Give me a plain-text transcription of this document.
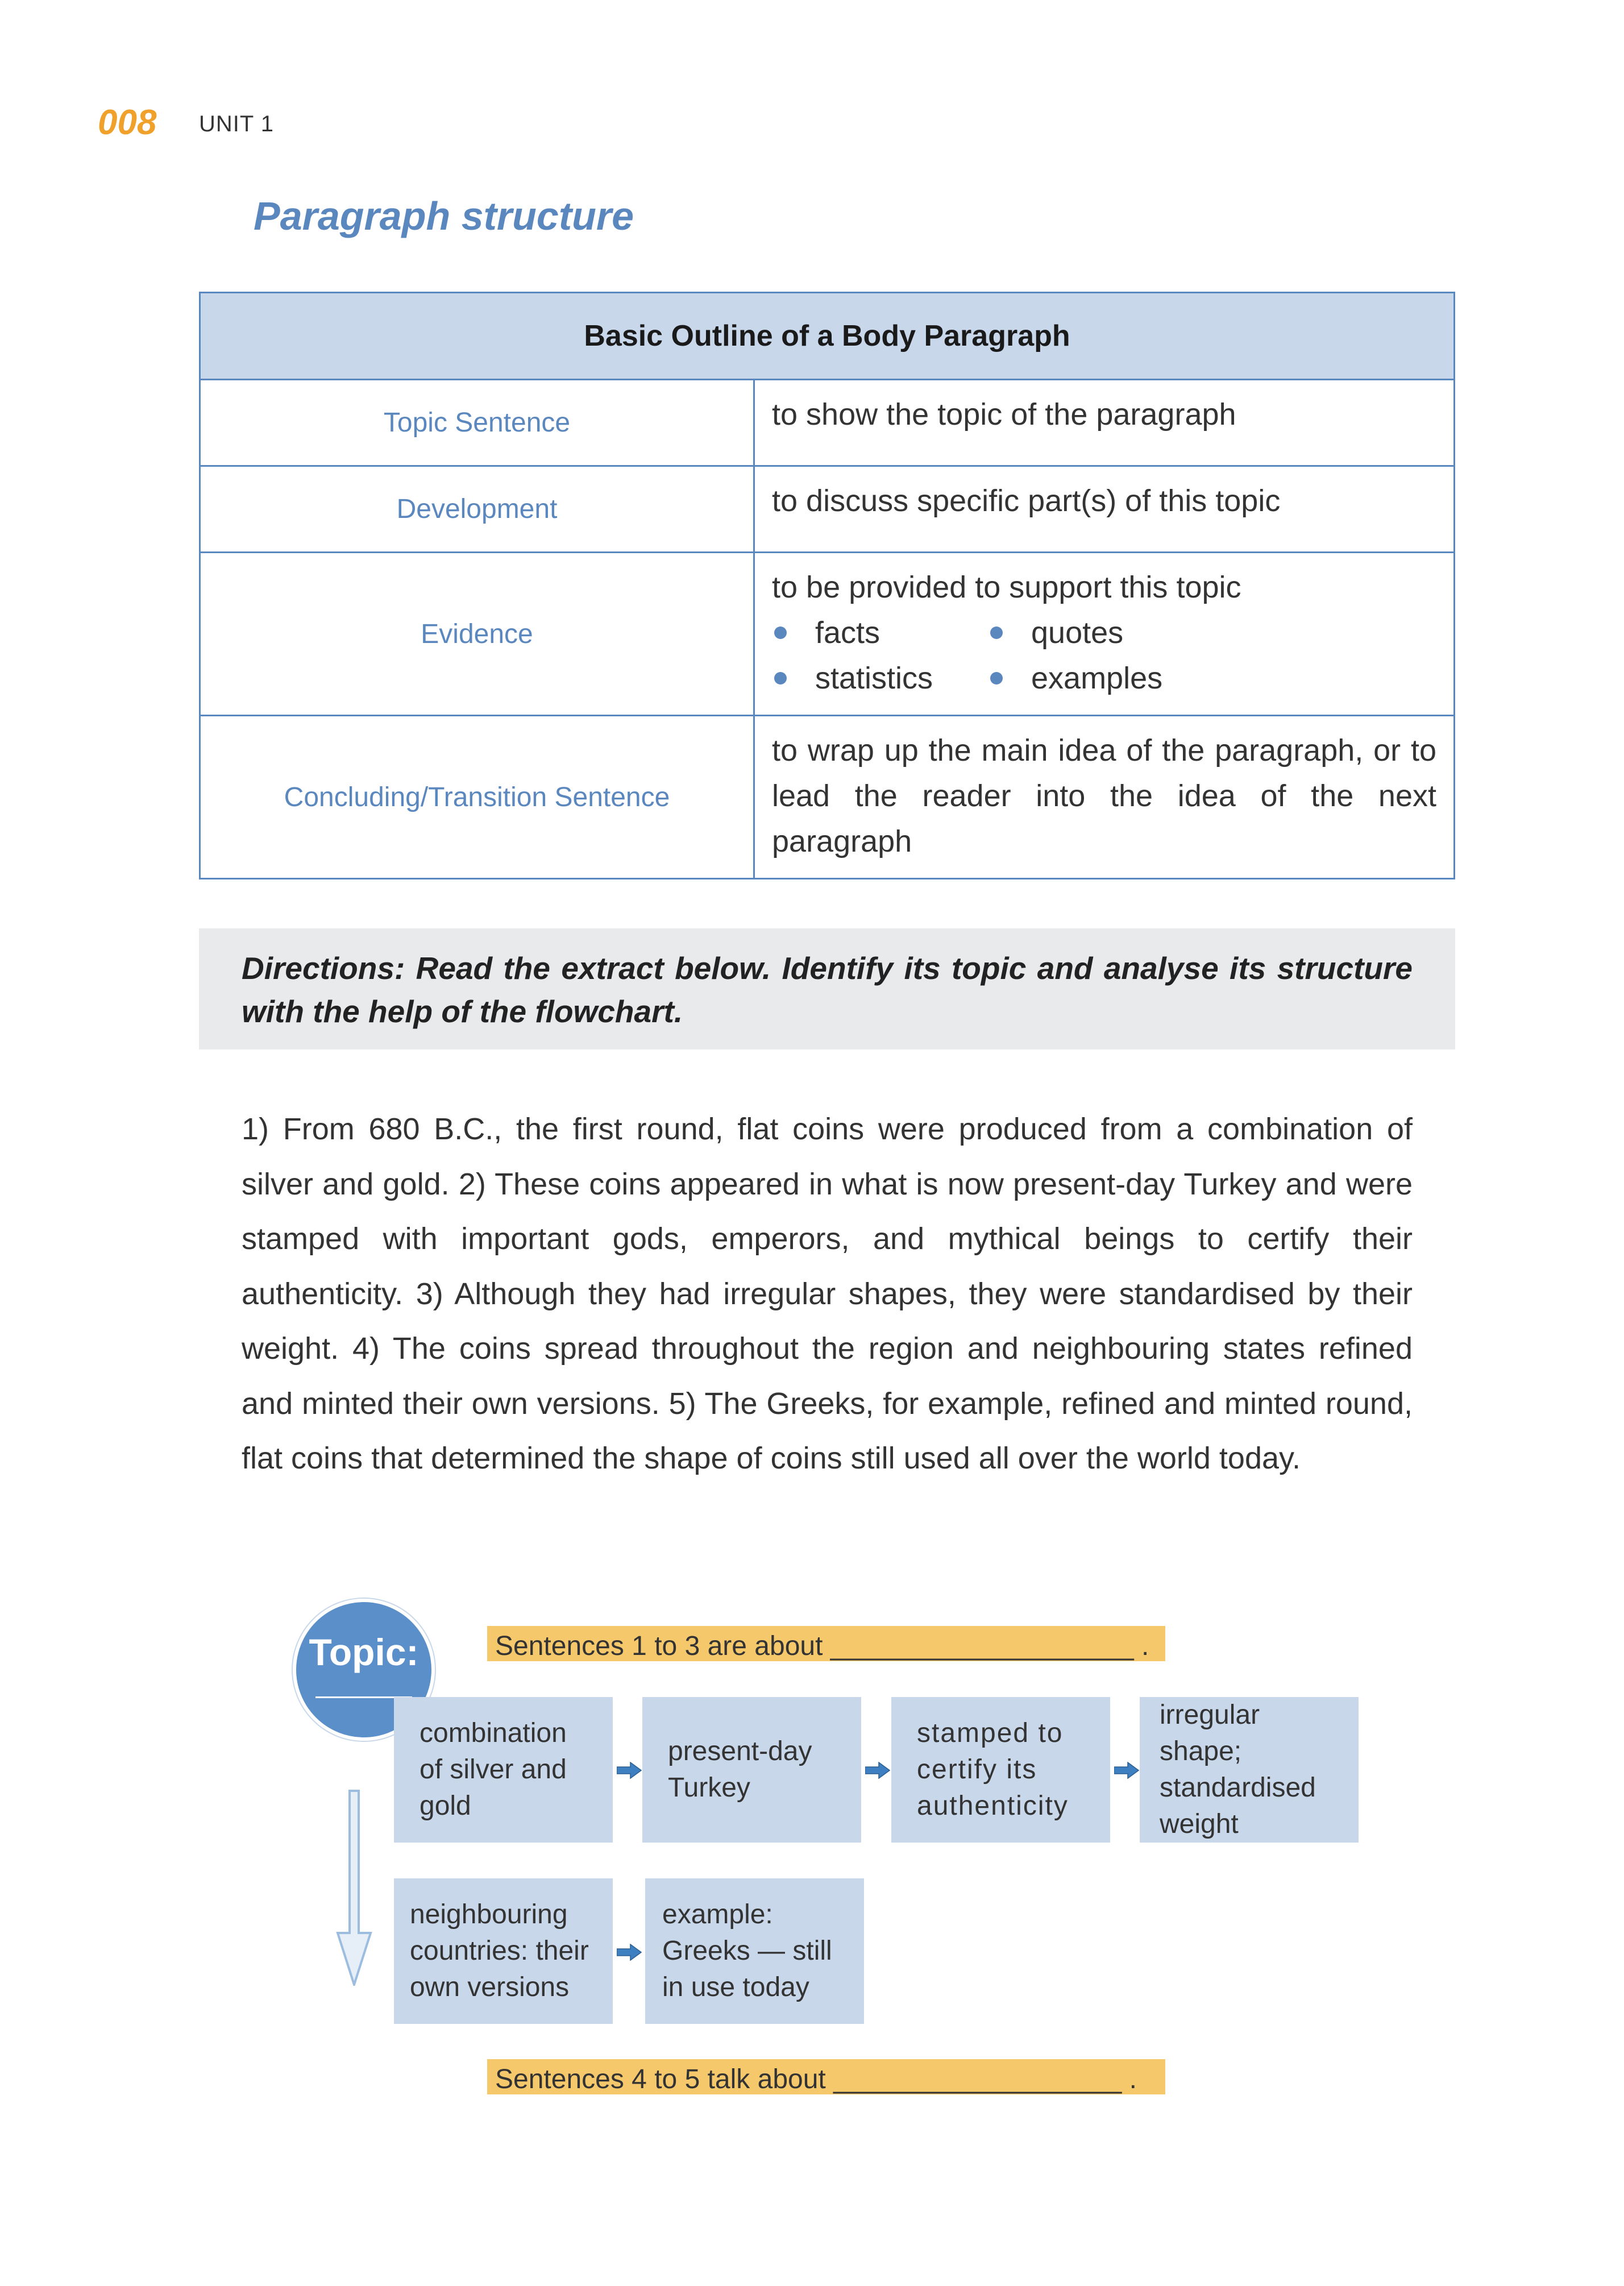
008 UNIT 1
Paragraph structure
Basic Outline of a Body Paragraph	
Topic Sentence	to show the topic of the paragraph
Development	to discuss specific part(s) of this topic
Evidence	to be provided to support this topic
facts quotes
statistics examples

Concluding/Transition Sentence	to wrap up the main idea of the paragraph, or to lead the reader into the idea of the next paragraph
Directions: Read the extract below. Identify its topic and analyse its structure with the help of the flowchart.
1) From 680 B.C., the first round, flat coins were produced from a combination of silver and gold. 2) These coins appeared in what is now present-day Turkey and were stamped with important gods, emperors, and mythical beings to certify their authenticity. 3) Although they had irregular shapes, they were standardised by their weight. 4) The coins spread throughout the region and neighbouring states refined and minted their own versions. 5) The Greeks, for example, refined and minted round, flat coins that determined the shape of coins still used all over the world today.
Topic:	Sentences 1 to 3 are about ____________________ .
combination of silver and gold
present-day Turkey
stamped to certify its authenticity
irregular shape; standardised weight
neighbouring countries: their own versions
example: Greeks — still in use today
Sentences 4 to 5 talk about ___________________ .
